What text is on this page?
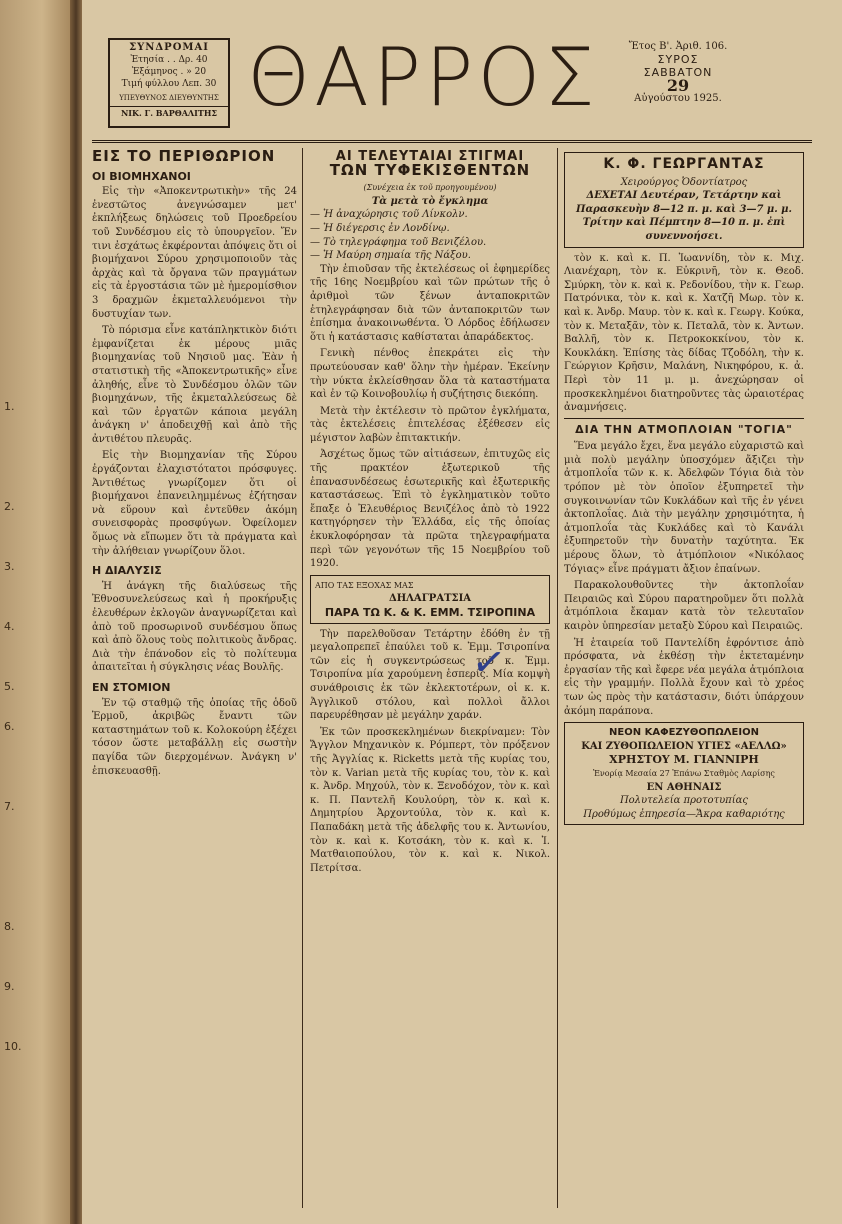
1.
2.
3.
4.
5.
6.
7.
8.
9.
10.
ΣΥΝΔΡΟΜΑΙ
Ἐτησία . . Δρ. 40
Ἑξάμηνος . » 20
Τιμή φύλλου Λεπ. 30
ΥΠΕΥΘΥΝΟΣ ΔΙΕΥΘΥΝΤΗΣ
ΝΙΚ. Γ. ΒΑΡΘΑΛΙΤΗΣ ΘΑΡΡΟΣ	Ἔτος Β'. Ἀριθ. 106.
ΣΥΡΟΣ
ΣΑΒΒΑΤΟΝ
29
Αὐγούστου 1925.
ΕΙΣ ΤΟ ΠΕΡΙΘΩΡΙΟΝ
ΟΙ ΒΙΟΜΗΧΑΝΟΙ

Εἰς τὴν «Ἀποκεντρωτικὴν» τῆς 24 ἐνεστῶτος ἀνεγνώσαμεν μετ' ἐκπλήξεως δηλώσεις τοῦ Προεδρείου τοῦ Συνδέσμου εἰς τὸ ὑπουργεῖον. Ἔν τινι ἐσχάτως ἐκφέρονται ἀπόψεις ὅτι οἱ βιομήχανοι Σύρου χρησιμοποιοῦν τὰς ἀρχὰς καὶ τὰ ὄργανα τῶν πραγμάτων εἰς τὰ ἐργοστάσια τῶν μὲ ἡμερομίσθιον 3 δραχμῶν ἐκμεταλλευόμενοι τὴν δυστυχίαν των.

Τὸ πόρισμα εἶνε κατάπληκτικὸν διότι ἐμφανίζεται ἐκ μέρους μιᾶς βιομηχανίας τοῦ Νησιοῦ μας. Ἐὰν ἡ στατιστικὴ τῆς «Ἀποκεντρωτικῆς» εἶνε ἀληθής, εἶνε τὸ Συνδέσμου ὁλῶν τῶν βιομηχάνων, τῆς ἐκμεταλλεύσεως δὲ καὶ τῶν ἐργατῶν κάποια μεγάλη ἀνάγκη ν' ἀποδειχθῇ καὶ ἀπὸ τῆς ἀντιθέτου πλευρᾶς.

Εἰς τὴν Βιομηχανίαν τῆς Σύρου ἐργάζονται ἐλαχιστότατοι πρόσφυγες. Ἀντιθέτως γνωρίζομεν ὅτι οἱ βιομήχανοι ἐπανειλημμένως ἐζήτησαν νὰ εὕρουν καὶ ἐντεῦθεν ἀκόμη συνεισφορὰς προσφύγων. Ὀφείλομεν ὅμως νὰ εἴπωμεν ὅτι τὰ πράγματα καὶ τὴν ἀλήθειαν γνωρίζουν ὅλοι.

Η ΔΙΑΛΥΣΙΣ

Ἡ ἀνάγκη τῆς διαλύσεως τῆς Ἐθνοσυνελεύσεως καὶ ἡ προκήρυξις ἐλευθέρων ἐκλογῶν ἀναγνωρίζεται καὶ ἀπὸ τοῦ προσωρινοῦ συνδέσμου ὅπως καὶ ἀπὸ ὅλους τοὺς πολιτικοὺς ἄνδρας. Διὰ τὴν ἐπάνοδον εἰς τὸ πολίτευμα ἀπαιτεῖται ἡ σύγκλησις νέας Βουλῆς.

ΕΝ ΣΤΟΜΙΟΝ

Ἐν τῷ σταθμῷ τῆς ὁποίας τῆς ὁδοῦ Ἑρμοῦ, ἀκριβῶς ἔναντι τῶν καταστημάτων τοῦ κ. Κολοκούρη ἐξέχει τόσον ὥστε μεταβάλλῃ εἰς σωστὴν παγίδα τῶν διερχομένων. Ἀνάγκη ν' ἐπισκευασθῇ.

ΑΙ ΤΕΛΕΥΤΑΙΑΙ ΣΤΙΓΜΑΙ
ΤΩΝ ΤΥΦΕΚΙΣΘΕΝΤΩΝ
(Συνέχεια ἐκ τοῦ προηγουμένου)
Τὰ μετὰ τὸ ἔγκλημα
— Ἡ ἀναχώρησις τοῦ Λίνκολν.
— Ἡ διέγερσις ἐν Λονδίνῳ.
— Τὸ τηλεγράφημα τοῦ Βενιζέλου.
— Ἡ Μαύρη σημαία τῆς Νάξου.

Τὴν ἐπιοῦσαν τῆς ἐκτελέσεως οἱ ἐφημερίδες τῆς 16ης Νοεμβρίου καὶ τῶν πρώτων τῆς ὁ ἀριθμοὶ τῶν ξένων ἀνταποκριτῶν ἐτηλεγράφησαν διὰ τῶν ἀνταποκριτῶν των ἐπίσημα ἀνακοινωθέντα. Ὁ Λόρδος ἐδήλωσεν ὅτι ἡ κατάστασις καθίσταται ἀπαράδεκτος.

Γενικὴ πένθος ἐπεκράτει εἰς τὴν πρωτεύουσαν καθ' ὅλην τὴν ἡμέραν. Ἐκείνην τὴν νύκτα ἐκλείσθησαν ὅλα τὰ καταστήματα καὶ ἐν τῷ Κοινοβουλίῳ ἡ συζήτησις διεκόπη.

Μετὰ τὴν ἐκτέλεσιν τὸ πρῶτον ἐγκλήματα, τὰς ἐκτελέσεις ἐπιτελέσας ἐξέθεσεν εἰς μέγιστον λαβὼν ἐπιτακτικήν.

Ἀσχέτως ὅμως τῶν αἰτιάσεων, ἐπιτυχῶς εἰς τῆς πρακτέον ἐξωτερικοῦ τῆς ἐπανασυνδέσεως ἐσωτερικῆς καὶ ἐξωτερικῆς καταστάσεως. Ἐπὶ τὸ ἐγκληματικὸν τοῦτο ἔπαξε ὁ Ἐλευθέριος Βενιζέλος ἀπὸ τὸ 1922 κατηγόρησεν τὴν Ἑλλάδα, εἰς τῆς ὁποίας ἐκυκλοφόρησαν τὰ πρῶτα τηλεγραφήματα περὶ τῶν γεγονότων τῆς 15 Νοεμβρίου τοῦ 1920.

ΑΠΟ ΤΑΣ ΕΞΟΧΑΣ ΜΑΣ
ΔΗΛΑΓΡΑΤΣΙΑ
ΠΑΡΑ ΤΩ Κ. & Κ. ΕΜΜ. ΤΣΙΡΟΠΙΝΑ

Τὴν παρελθοῦσαν Τετάρτην ἐδόθη ἐν τῇ μεγαλοπρεπεῖ ἐπαύλει τοῦ κ. Ἐμμ. Τσιροπίνα τῶν εἰς ἡ συγκεντρώσεως τοῦ κ. Ἐμμ. Τσιροπίνα μία χαρούμενη ἑσπερίς. Μία κομψὴ συνάθροισις ἐκ τῶν ἐκλεκτοτέρων, οἱ κ. κ. Ἀγγλικοῦ στόλου, καὶ πολλοὶ ἄλλοι παρευρέθησαν μὲ μεγάλην χαράν.

Ἐκ τῶν προσκεκλημένων διεκρίναμεν: Τὸν Ἄγγλον Μηχανικὸν κ. Ρόμπερτ, τὸν πρόξενον τῆς Ἀγγλίας κ. Ricketts μετὰ τῆς κυρίας του, τὸν κ. Varian μετὰ τῆς κυρίας του, τὸν κ. καὶ κ. Ἀνδρ. Μηχούλ, τὸν κ. Ξενοδόχον, τὸν κ. καὶ κ. Π. Παντελῆ Κουλούρη, τὸν κ. καὶ κ. Δημητρίου Ἀρχοντούλα, τὸν κ. καὶ κ. Παπαδάκη μετὰ τῆς ἀδελφῆς του κ. Ἀντωνίου, τὸν κ. καὶ κ. Κοτσάκη, τὸν κ. καὶ κ. Ἰ. Ματθαιοπούλου, τὸν κ. καὶ κ. Νικολ. Πετρίτσα.

Κ. Φ. ΓΕΩΡΓΑΝΤΑΣ
Χειρούργος Ὀδοντίατρος
ΔΕΧΕΤΑΙ Δευτέραν, Τετάρτην καὶ Παρασκευὴν 8—12 π. μ. καὶ 3—7 μ. μ.
Τρίτην καὶ Πέμπτην 8—10 π. μ. ἐπὶ συνεννοήσει.

τὸν κ. καὶ κ. Π. Ἰωαννίδη, τὸν κ. Μιχ. Λιανέχαρη, τὸν κ. Εὐκρινῆ, τὸν κ. Θεοδ. Σμύρκη, τὸν κ. καὶ κ. Ρεδονίδου, τὴν κ. Γεωρ. Πατρόνικα, τὸν κ. καὶ κ. Χατζῆ Μωρ. τὸν κ. καὶ κ. Ἀνδρ. Μαυρ. τὸν κ. καὶ κ. Γεωργ. Κούκα, τὸν κ. Μεταξᾶν, τὸν κ. Πεταλᾶ, τὸν κ. Ἀντων. Βαλλῆ, τὸν κ. Πετροκοκκίνου, τὸν κ. Κουκλάκη. Ἐπίσης τὰς δίδας Τζοδόλη, τὴν κ. Γεώργιον Κρῆσιν, Μαλάνη, Νικηφόρου, κ. ἀ. Περὶ τὸν 11 μ. μ. ἀνεχώρησαν οἱ προσκεκλημένοι διατηροῦντες τὰς ὡραιοτέρας ἀναμνήσεις.

ΔΙΑ ΤΗΝ ΑΤΜΟΠΛΟΙΑΝ "ΤΟΓΙΑ"

Ἕνα μεγάλο ἔχει, ἕνα μεγάλο εὐχαριστῶ καὶ μιὰ πολὺ μεγάλην ὑποσχόμεν ἄξιζει τὴν ἀτμοπλοΐα τῶν κ. κ. Ἀδελφῶν Τόγια διὰ τὸν τρόπον μὲ τὸν ὁποῖον ἐξυπηρετεῖ τὴν συγκοινωνίαν τῶν Κυκλάδων καὶ τῆς ἐν γένει ἀκτοπλοΐας. Διὰ τὴν μεγάλην χρησιμότητα, ἡ ἀτμοπλοΐα τὰς Κυκλάδες καὶ τὸ Κανάλι ἐξυπηρετοῦν τὴν δυνατὴν ταχύτητα. Ἐκ μέρους ὅλων, τὸ ἀτμόπλοιον «Νικόλαος Τόγιας» εἶνε πράγματι ἄξιον ἐπαίνων.

Παρακολουθοῦντες τὴν ἀκτοπλοΐαν Πειραιῶς καὶ Σύρου παρατηροῦμεν ὅτι πολλὰ ἀτμόπλοια ἔκαμαν κατὰ τὸν τελευταῖον καιρὸν ὑπηρεσίαν μεταξὺ Σύρου καὶ Πειραιῶς.

Ἡ ἑταιρεία τοῦ Παντελίδη ἐφρόντισε ἀπὸ πρόσφατα, νὰ ἐκθέσῃ τὴν ἐκτεταμένην ἐργασίαν τῆς καὶ ἔφερε νέα μεγάλα ἀτμόπλοια εἰς τὴν γραμμήν. Πολλὰ ἔχουν καὶ τὸ χρέος των ὡς πρὸς τὴν κατάστασιν, διότι ὑπάρχουν ἀκόμη παράπονα.

ΝΕΟΝ ΚΑΦΕΖΥΘΟΠΩΛΕΙΟΝ
ΚΑΙ ΖΥΘΟΠΩΛΕΙΟΝ ΥΓΙΕΣ «ΑΕΛΛΩ»
ΧΡΗΣΤΟΥ Μ. ΓΙΑΝΝΙΡΗ
Ἐνορίᾳ Μεσαία 27 Ἐπάνω Σταθμὸς Λαρίσης
ΕΝ ΑΘΗΝΑΙΣ
Πολυτελεία προτοτυπίας
Προθύμως ἐπηρεσία—Ἄκρα καθαριότης
✓
